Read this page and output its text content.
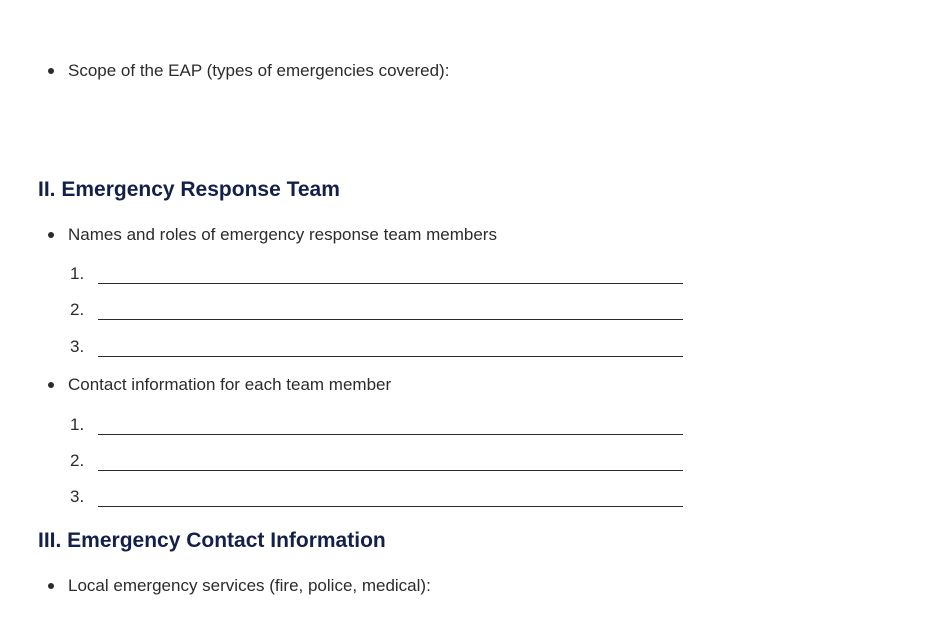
Scope of the EAP (types of emergencies covered):
II. Emergency Response Team
Names and roles of emergency response team members
1.
2.
3.
Contact information for each team member
1.
2.
3.
III. Emergency Contact Information
Local emergency services (fire, police, medical):
